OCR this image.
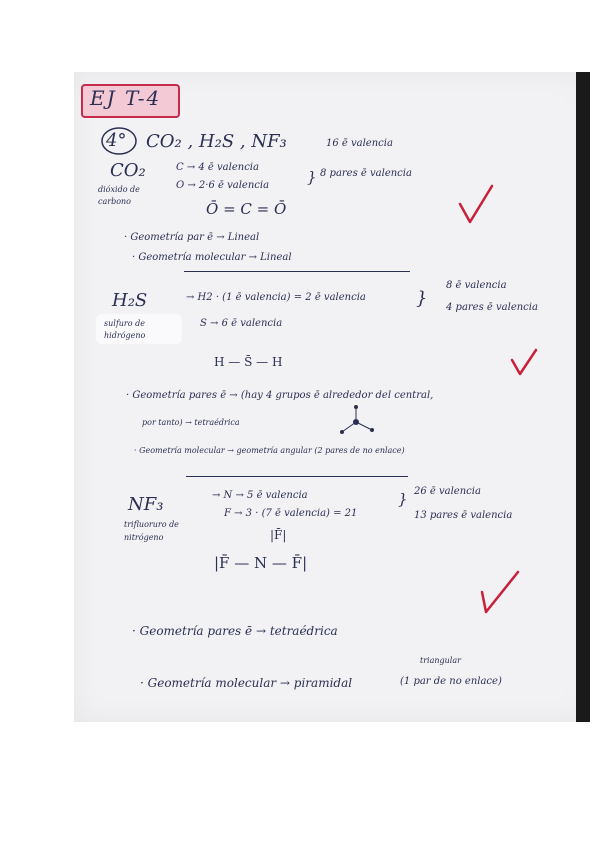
EJ T-4
4° CO₂ , H₂S , NF₃	16 ē valencia
CO₂
dióxido de carbono
C → 4 ē valencia
O → 2·6 ē valencia	} 8 pares ē valencia
Ō = C = Ō
· Geometría par ē → Lineal
· Geometría molecular → Lineal
H₂S
sulfuro de hidrógeno
→ H2 · (1 ē valencia) = 2 ē valencia
S → 6 ē valencia
}
8 ē valencia
4 pares ē valencia
H — S̄ — H
· Geometría pares ē → (hay 4 grupos ē alrededor del central,
por tanto) → tetraédrica
· Geometría molecular → geometría angular (2 pares de no enlace)
NF₃
trifluoruro de nitrógeno
→ N → 5 ē valencia
F → 3 · (7 ē valencia) = 21
} 26 ē valencia
13 pares ē valencia
|F̄|
|F̄ — N — F̄|
· Geometría pares ē → tetraédrica
triangular
· Geometría molecular → piramidal	(1 par de no enlace)
